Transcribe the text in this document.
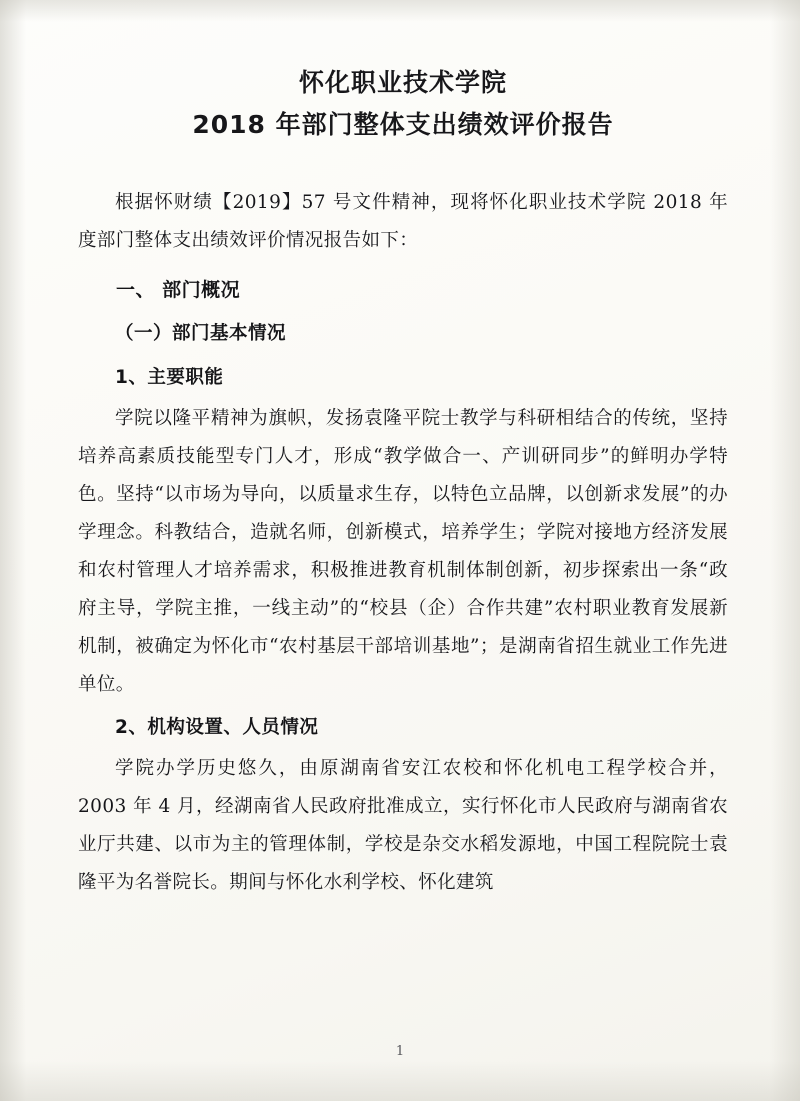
怀化职业技术学院
2018 年部门整体支出绩效评价报告

根据怀财绩【2019】57 号文件精神，现将怀化职业技术学院 2018 年度部门整体支出绩效评价情况报告如下：

一、 部门概况
（一）部门基本情况
1、主要职能

学院以隆平精神为旗帜，发扬袁隆平院士教学与科研相结合的传统，坚持培养高素质技能型专门人才，形成“教学做合一、产训研同步”的鲜明办学特色。坚持“以市场为导向，以质量求生存，以特色立品牌，以创新求发展”的办学理念。科教结合，造就名师，创新模式，培养学生；学院对接地方经济发展和农村管理人才培养需求，积极推进教育机制体制创新，初步探索出一条“政府主导，学院主推，一线主动”的“校县（企）合作共建”农村职业教育发展新机制，被确定为怀化市“农村基层干部培训基地”；是湖南省招生就业工作先进单位。

2、机构设置、人员情况

学院办学历史悠久，由原湖南省安江农校和怀化机电工程学校合并，2003 年 4 月，经湖南省人民政府批准成立，实行怀化市人民政府与湖南省农业厅共建、以市为主的管理体制，学校是杂交水稻发源地，中国工程院院士袁隆平为名誉院长。期间与怀化水利学校、怀化建筑

1
